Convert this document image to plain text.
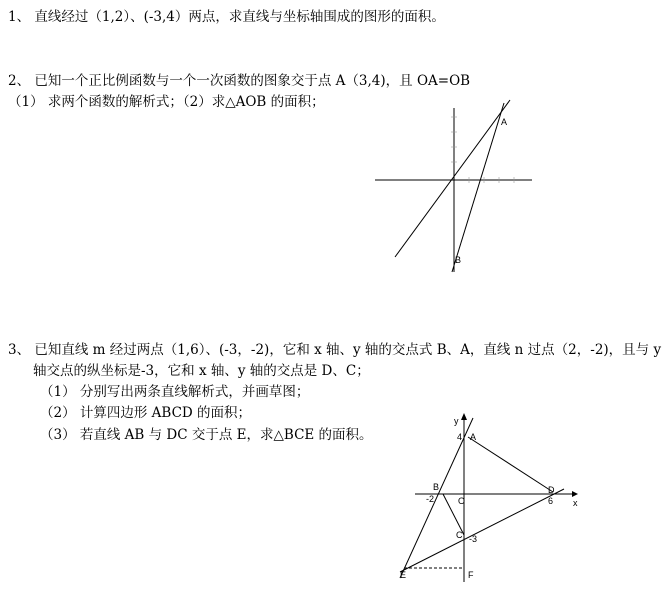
1、 直线经过（1,2）、(-3,4）两点，求直线与坐标轴围成的图形的面积。
2、 已知一个正比例函数与一个一次函数的图象交于点 A（3,4)，且 OA=OB
（1） 求两个函数的解析式；（2）求△AOB 的面积；
A
B
3、 已知直线 m 经过两点（1,6）、(-3，-2)，它和 x 轴、y 轴的交点式 B、A，直线 n 过点（2，-2)，且与 y
轴交点的纵坐标是-3，它和 x 轴、y 轴的交点是 D、C；
（1） 分别写出两条直线解析式，并画草图；
（2） 计算四边形 ABCD 的面积；
（3） 若直线 AB 与 DC 交于点 E，求△BCE 的面积。
y
x
A
4
B
-2	O
D
6
C -3
E	F
